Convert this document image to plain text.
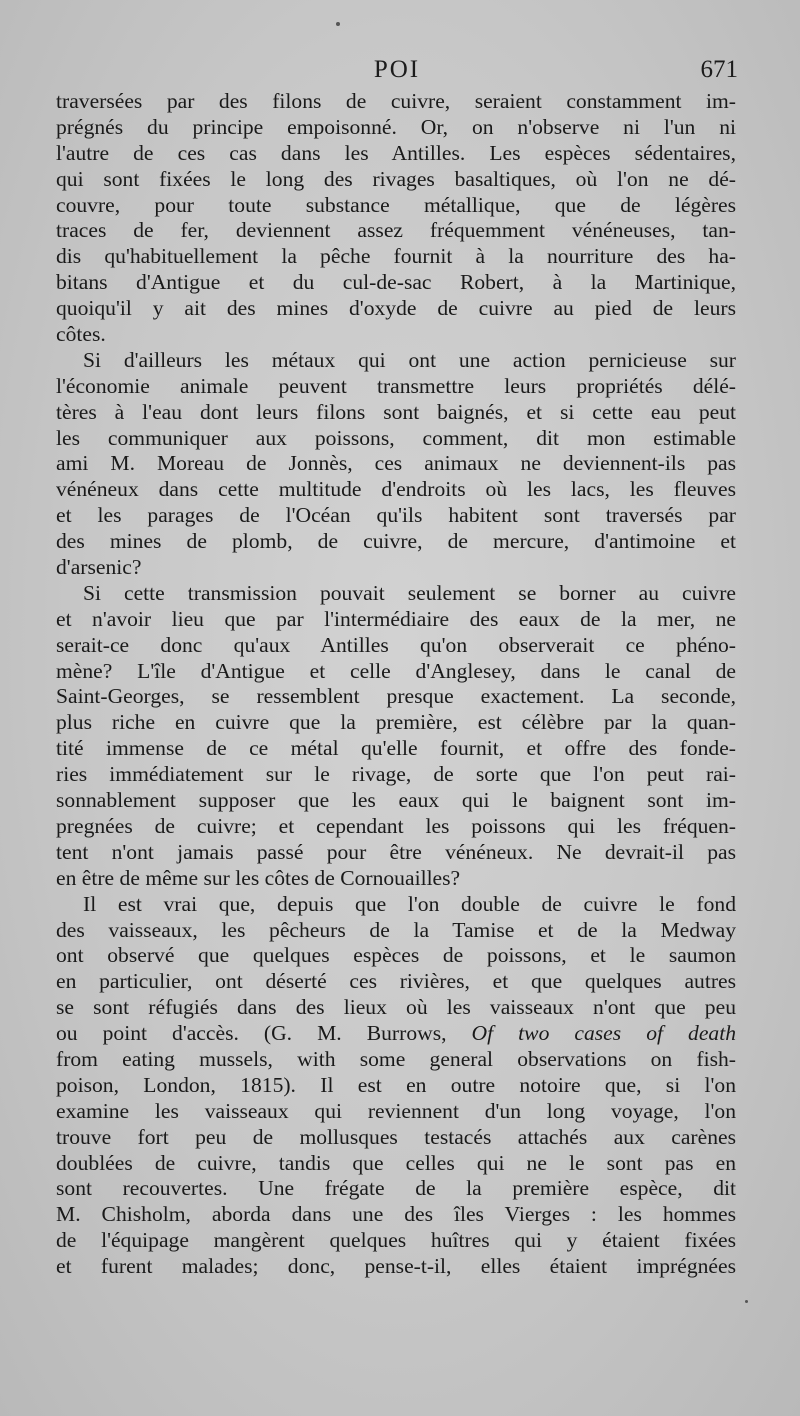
POI	671
traversées par des filons de cuivre, seraient constamment im-
prégnés du principe empoisonné. Or, on n'observe ni l'un ni
l'autre de ces cas dans les Antilles. Les espèces sédentaires,
qui sont fixées le long des rivages basaltiques, où l'on ne dé-
couvre, pour toute substance métallique, que de légères
traces de fer, deviennent assez fréquemment vénéneuses, tan-
dis qu'habituellement la pêche fournit à la nourriture des ha-
bitans d'Antigue et du cul-de-sac Robert, à la Martinique,
quoiqu'il y ait des mines d'oxyde de cuivre au pied de leurs
côtes.
Si d'ailleurs les métaux qui ont une action pernicieuse sur
l'économie animale peuvent transmettre leurs propriétés délé-
tères à l'eau dont leurs filons sont baignés, et si cette eau peut
les communiquer aux poissons, comment, dit mon estimable
ami M. Moreau de Jonnès, ces animaux ne deviennent-ils pas
vénéneux dans cette multitude d'endroits où les lacs, les fleuves
et les parages de l'Océan qu'ils habitent sont traversés par
des mines de plomb, de cuivre, de mercure, d'antimoine et
d'arsenic?
Si cette transmission pouvait seulement se borner au cuivre
et n'avoir lieu que par l'intermédiaire des eaux de la mer, ne
serait-ce donc qu'aux Antilles qu'on observerait ce phéno-
mène? L'île d'Antigue et celle d'Anglesey, dans le canal de
Saint-Georges, se ressemblent presque exactement. La seconde,
plus riche en cuivre que la première, est célèbre par la quan-
tité immense de ce métal qu'elle fournit, et offre des fonde-
ries immédiatement sur le rivage, de sorte que l'on peut rai-
sonnablement supposer que les eaux qui le baignent sont im-
pregnées de cuivre; et cependant les poissons qui les fréquen-
tent n'ont jamais passé pour être vénéneux. Ne devrait-il pas
en être de même sur les côtes de Cornouailles?
Il est vrai que, depuis que l'on double de cuivre le fond
des vaisseaux, les pêcheurs de la Tamise et de la Medway
ont observé que quelques espèces de poissons, et le saumon
en particulier, ont déserté ces rivières, et que quelques autres
se sont réfugiés dans des lieux où les vaisseaux n'ont que peu
ou point d'accès. (G. M. Burrows, Of two cases of death
from eating mussels, with some general observations on fish-
poison, London, 1815). Il est en outre notoire que, si l'on
examine les vaisseaux qui reviennent d'un long voyage, l'on
trouve fort peu de mollusques testacés attachés aux carènes
doublées de cuivre, tandis que celles qui ne le sont pas en
sont recouvertes. Une frégate de la première espèce, dit
M. Chisholm, aborda dans une des îles Vierges : les hommes
de l'équipage mangèrent quelques huîtres qui y étaient fixées
et furent malades; donc, pense-t-il, elles étaient imprégnées
